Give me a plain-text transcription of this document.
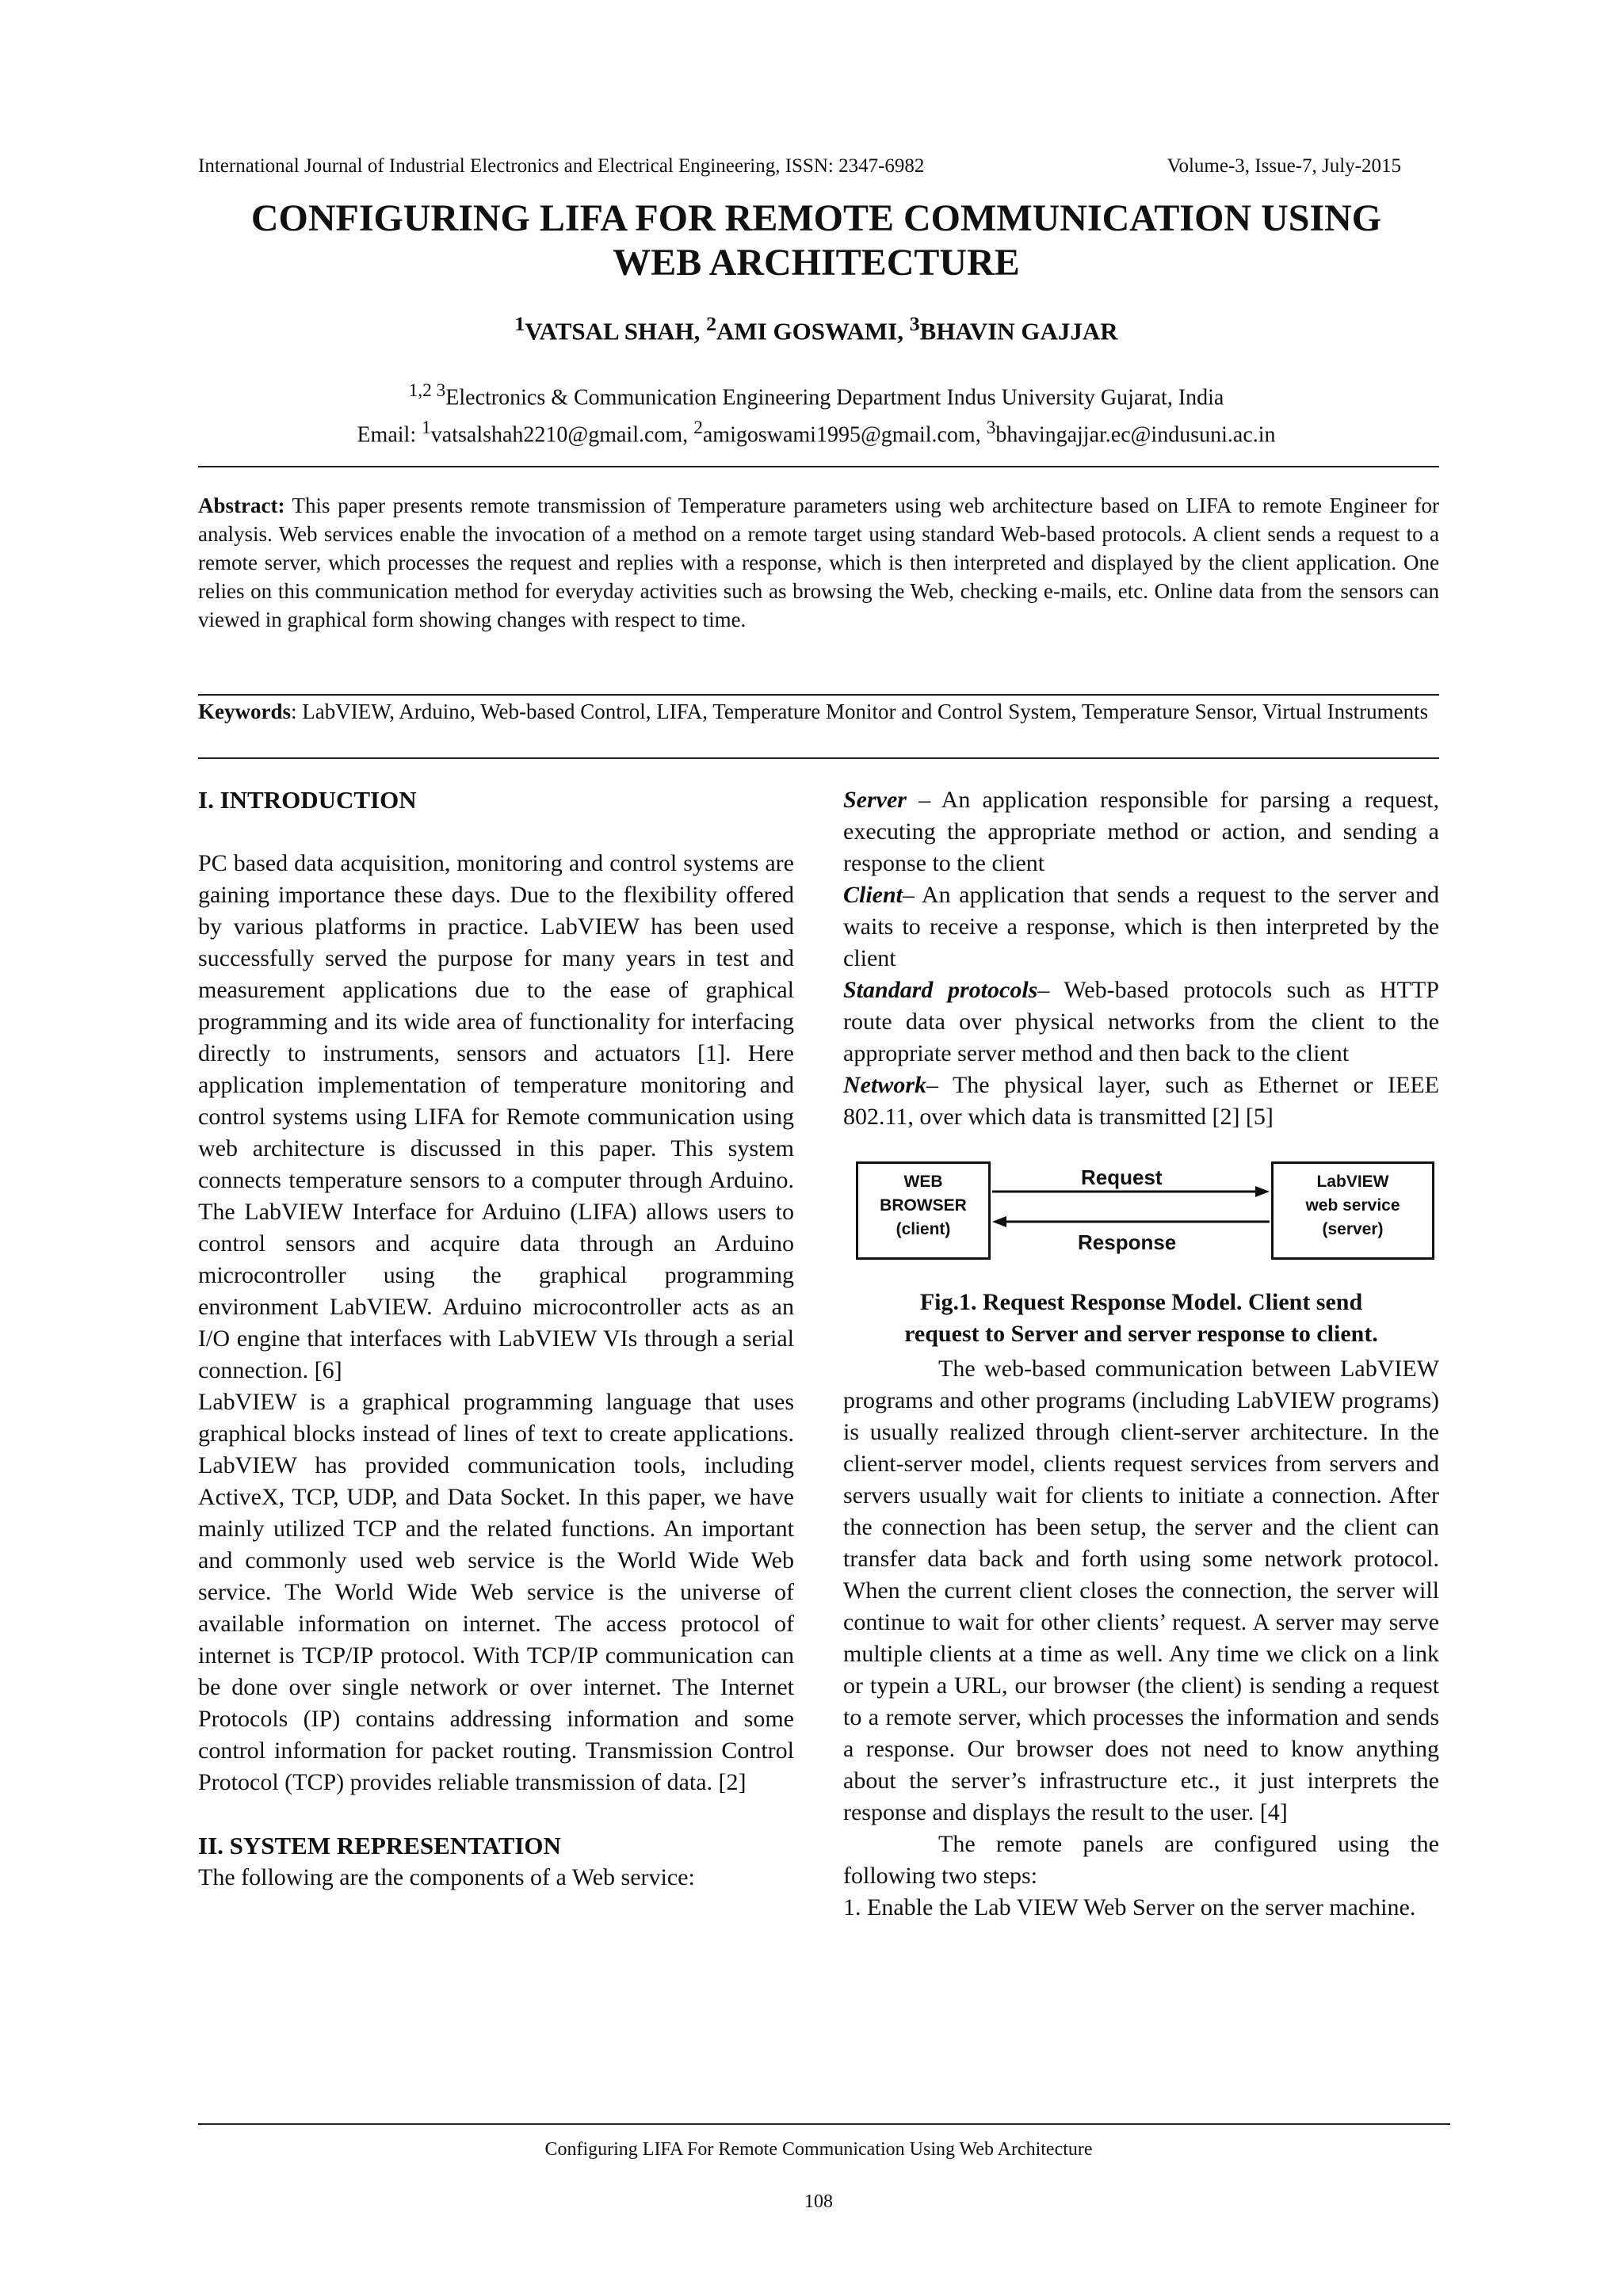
International Journal of Industrial Electronics and Electrical Engineering, ISSN: 2347-6982	Volume-3, Issue-7, July-2015
CONFIGURING LIFA FOR REMOTE COMMUNICATION USING
WEB ARCHITECTURE
$^1$VATSAL SHAH, $^2$AMI GOSWAMI, $^3$BHAVIN GAJJAR
$^{1,2 3}$Electronics & Communication Engineering Department Indus University Gujarat, India
Email: $^1$vatsalshah2210@gmail.com, $^2$amigoswami1995@gmail.com, $^3$bhavingajjar.ec@indusuni.ac.in
Abstract: This paper presents remote transmission of Temperature parameters using web architecture based on LIFA to remote Engineer for analysis. Web services enable the invocation of a method on a remote target using standard Web-based protocols. A client sends a request to a remote server, which processes the request and replies with a response, which is then interpreted and displayed by the client application. One relies on this communication method for everyday activities such as browsing the Web, checking e-mails, etc. Online data from the sensors can viewed in graphical form showing changes with respect to time.
Keywords: LabVIEW, Arduino, Web-based Control, LIFA, Temperature Monitor and Control System, Temperature Sensor, Virtual Instruments

I. INTRODUCTION

PC based data acquisition, monitoring and control systems are gaining importance these days. Due to the flexibility offered by various platforms in practice. LabVIEW has been used successfully served the purpose for many years in test and measurement applications due to the ease of graphical programming and its wide area of functionality for interfacing directly to instruments, sensors and actuators [1]. Here application implementation of temperature monitoring and control systems using LIFA for Remote communication using web architecture is discussed in this paper. This system connects temperature sensors to a computer through Arduino. The LabVIEW Interface for Arduino (LIFA) allows users to control sensors and acquire data through an Arduino microcontroller using the graphical programming environment LabVIEW. Arduino microcontroller acts as an I/O engine that interfaces with LabVIEW VIs through a serial connection. [6]

LabVIEW is a graphical programming language that uses graphical blocks instead of lines of text to create applications. LabVIEW has provided communication tools, including ActiveX, TCP, UDP, and Data Socket. In this paper, we have mainly utilized TCP and the related functions. An important and commonly used web service is the World Wide Web service. The World Wide Web service is the universe of available information on internet. The access protocol of internet is TCP/IP protocol. With TCP/IP communication can be done over single network or over internet. The Internet Protocols (IP) contains addressing information and some control information for packet routing. Transmission Control Protocol (TCP) provides reliable transmission of data. [2]

II. SYSTEM REPRESENTATION

The following are the components of a Web service:

Server – An application responsible for parsing a request, executing the appropriate method or action, and sending a response to the client

Client– An application that sends a request to the server and waits to receive a response, which is then interpreted by the client

Standard protocols– Web-based protocols such as HTTP route data over physical networks from the client to the appropriate server method and then back to the client

Network– The physical layer, such as Ethernet or IEEE 802.11, over which data is transmitted [2] [5]

WEB
BROWSER
(client)
LabVIEW
web service
(server)
Request
Response
Fig.1. Request Response Model. Client send
request to Server and server response to client.

The web-based communication between LabVIEW programs and other programs (including LabVIEW programs) is usually realized through client-server architecture. In the client-server model, clients request services from servers and servers usually wait for clients to initiate a connection. After the connection has been setup, the server and the client can transfer data back and forth using some network protocol. When the current client closes the connection, the server will continue to wait for other clients’ request. A server may serve multiple clients at a time as well. Any time we click on a link or typein a URL, our browser (the client) is sending a request to a remote server, which processes the information and sends a response. Our browser does not need to know anything about the server’s infrastructure etc., it just interprets the response and displays the result to the user. [4]

The remote panels are configured using the following two steps:

1. Enable the Lab VIEW Web Server on the server machine.

Configuring LIFA For Remote Communication Using Web Architecture
108
